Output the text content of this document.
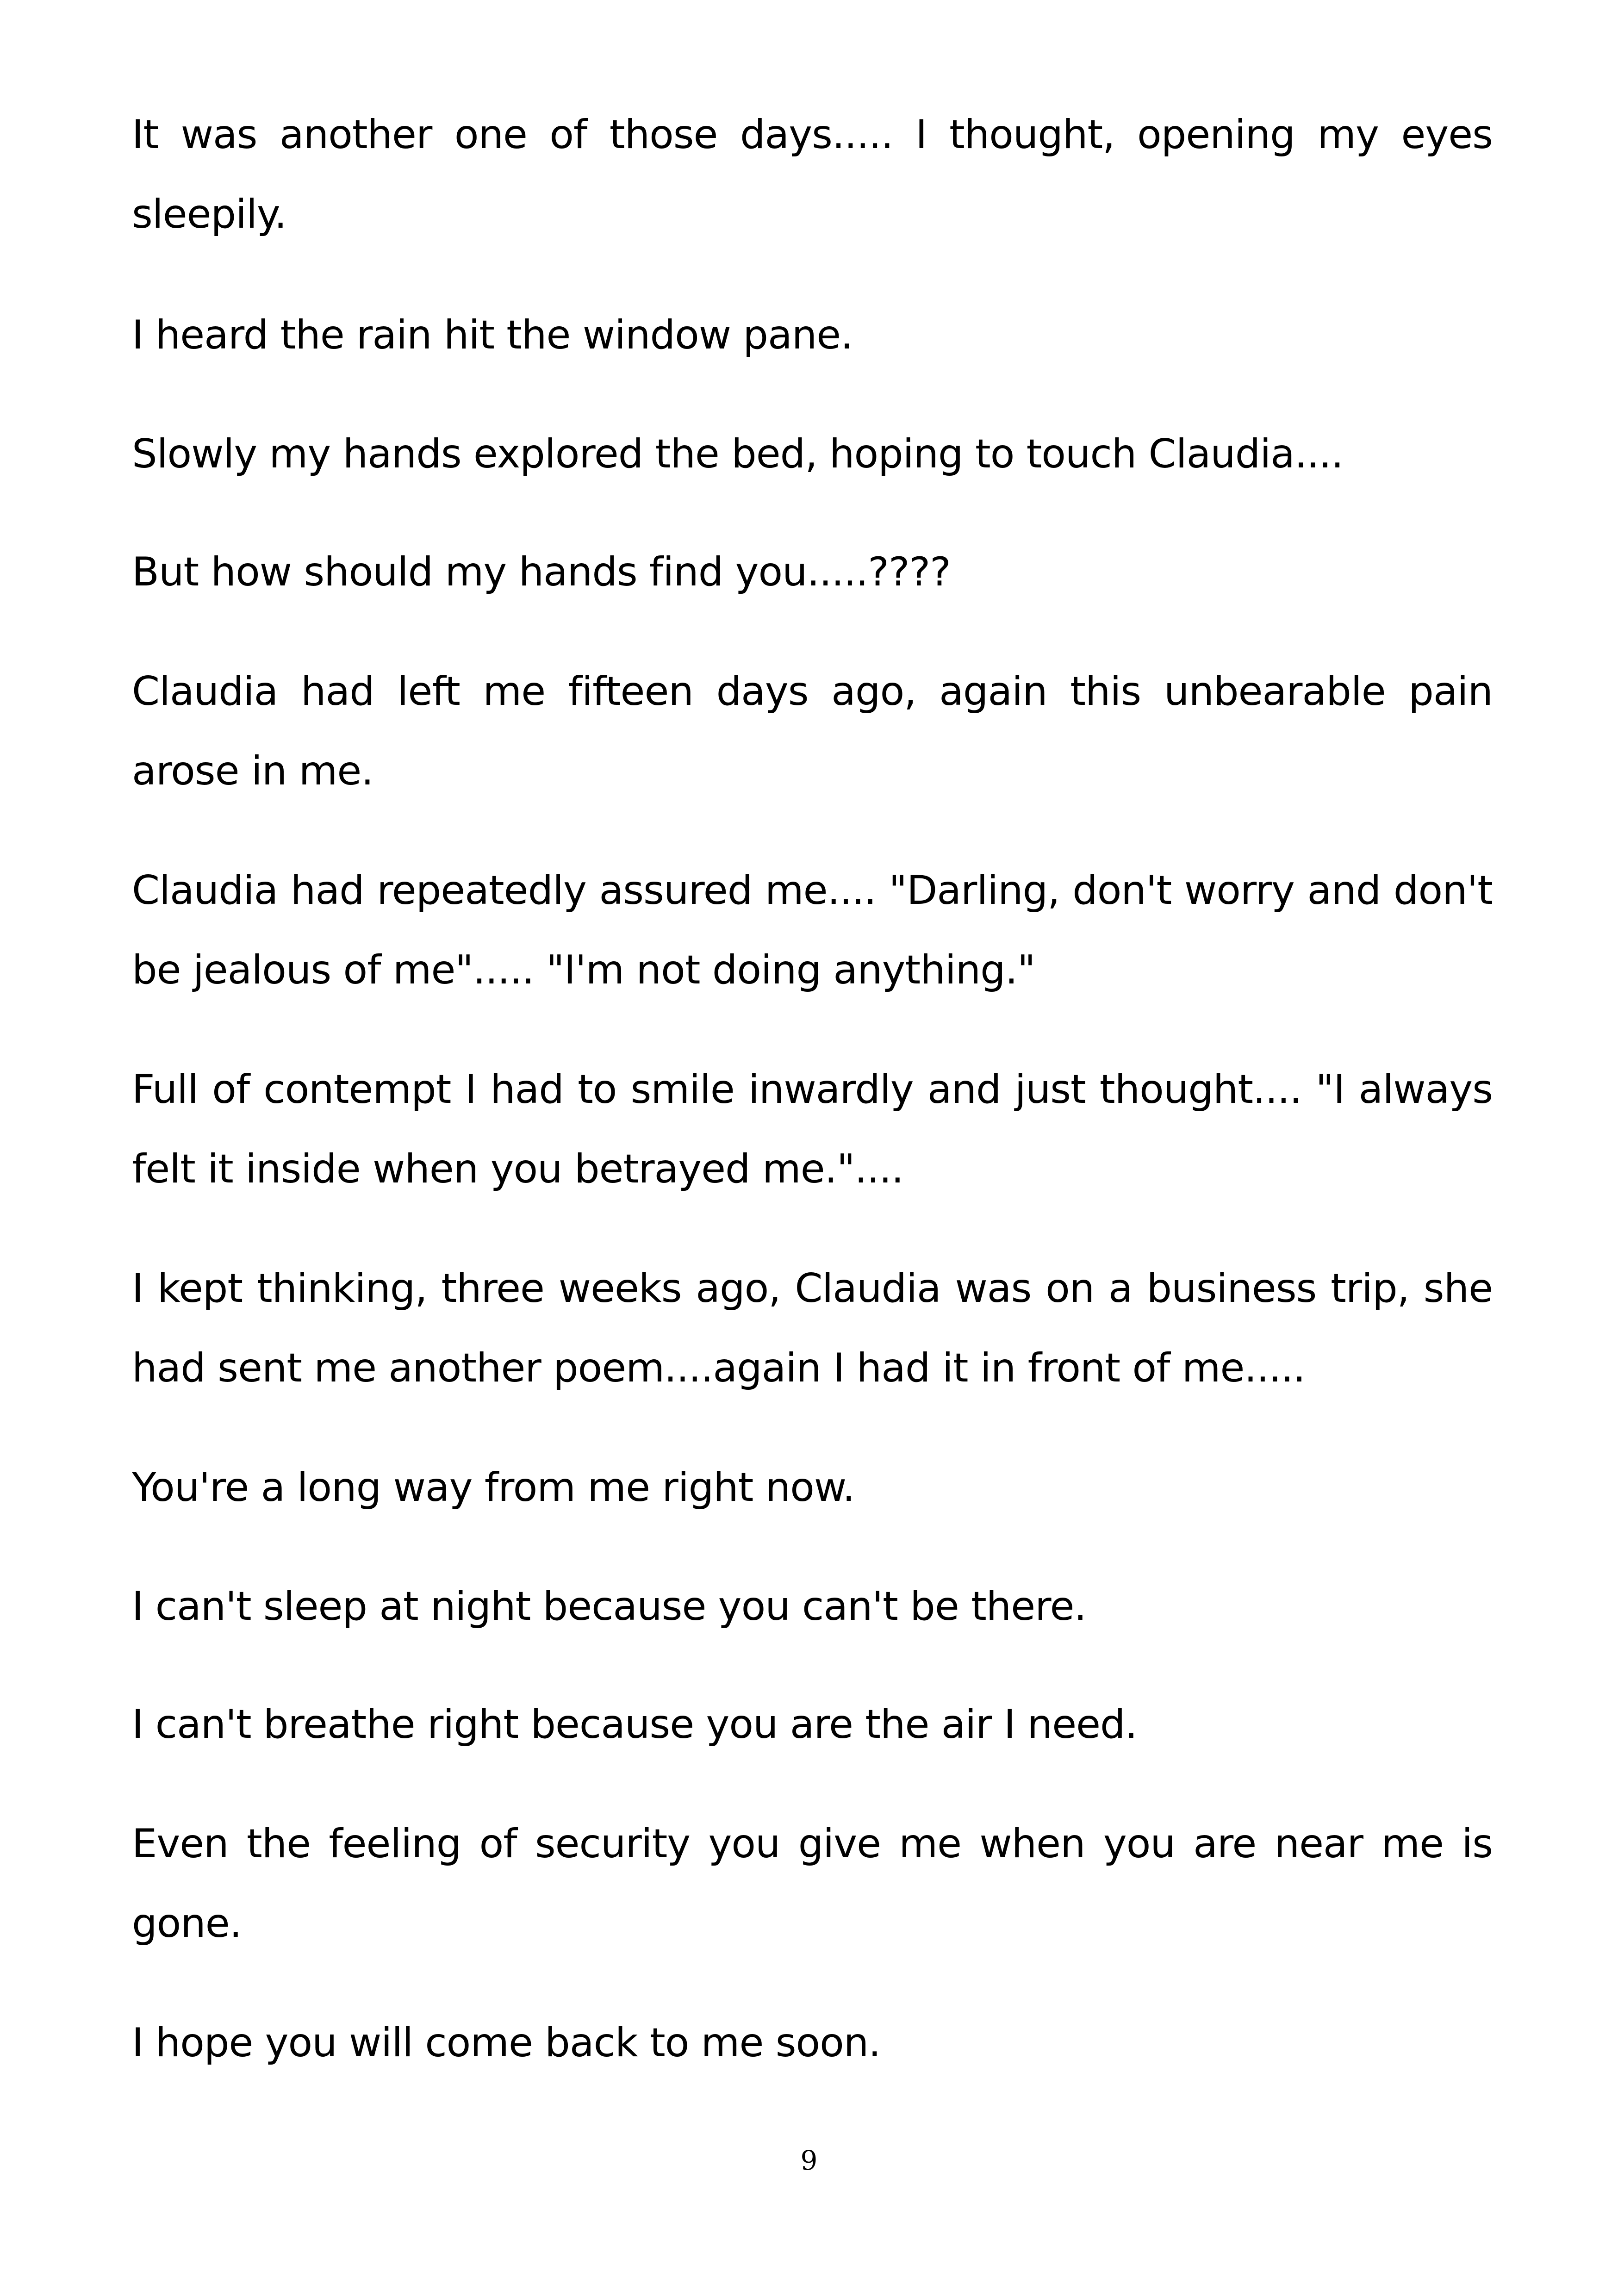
It was another one of those days..... I thought, opening my eyes sleepily.

I heard the rain hit the window pane.

Slowly my hands explored the bed, hoping to touch Claudia....

But how should my hands find you.....????

Claudia had left me fifteen days ago, again this unbearable pain arose in me.

Claudia had repeatedly assured me.... "Darling, don't worry and don't be jealous of me"..... "I'm not doing anything."

Full of contempt I had to smile inwardly and just thought.... "I always felt it inside when you betrayed me."....

I kept thinking, three weeks ago, Claudia was on a business trip, she had sent me another poem....again I had it in front of me.....

You're a long way from me right now.

I can't sleep at night because you can't be there.

I can't breathe right because you are the air I need.

Even the feeling of security you give me when you are near me is gone.

I hope you will come back to me soon.

9
